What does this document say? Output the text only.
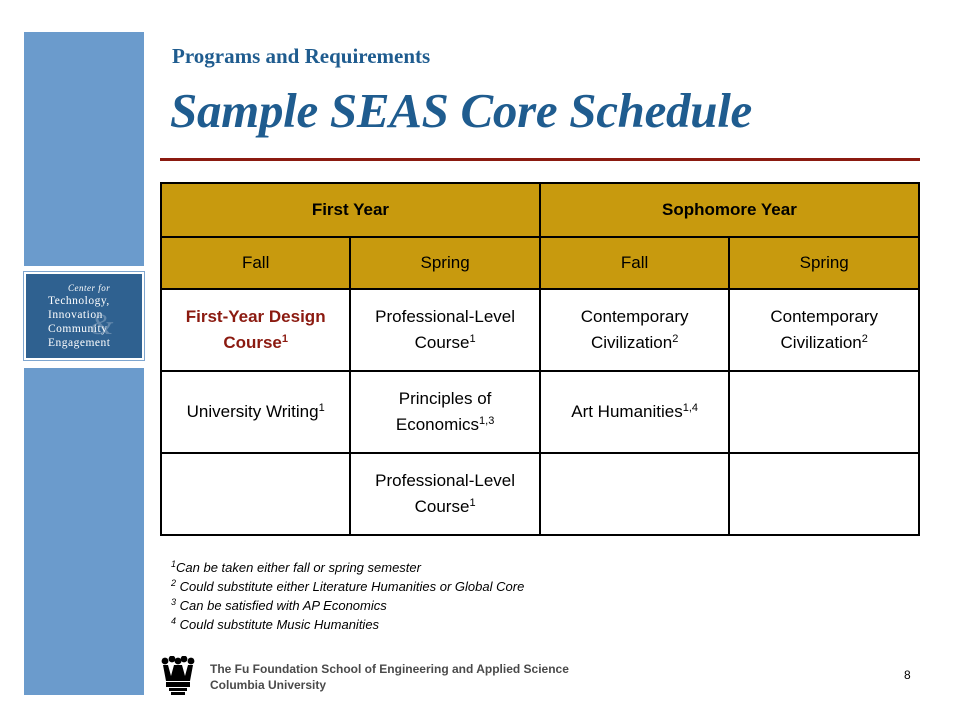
&
Center for
Technology,
Innovation
Community
Engagement
Programs and Requirements
Sample SEAS Core Schedule
First Year		Sophomore Year	
Fall	Spring	Fall	Spring
First-Year Design Course$^1$	Professional-Level Course$^1$	Contemporary Civilization$^2$	Contemporary Civilization$^2$
University Writing$^1$	Principles of Economics$^{1,3}$	Art Humanities$^{1,4}$	
	Professional-Level Course$^1$		
$^1$Can be taken either fall or spring semester
$^2$ Could substitute either Literature Humanities or Global Core
$^3$ Can be satisfied with AP Economics
$^4$ Could substitute Music Humanities
The Fu Foundation School of Engineering and Applied Science
Columbia University
8
